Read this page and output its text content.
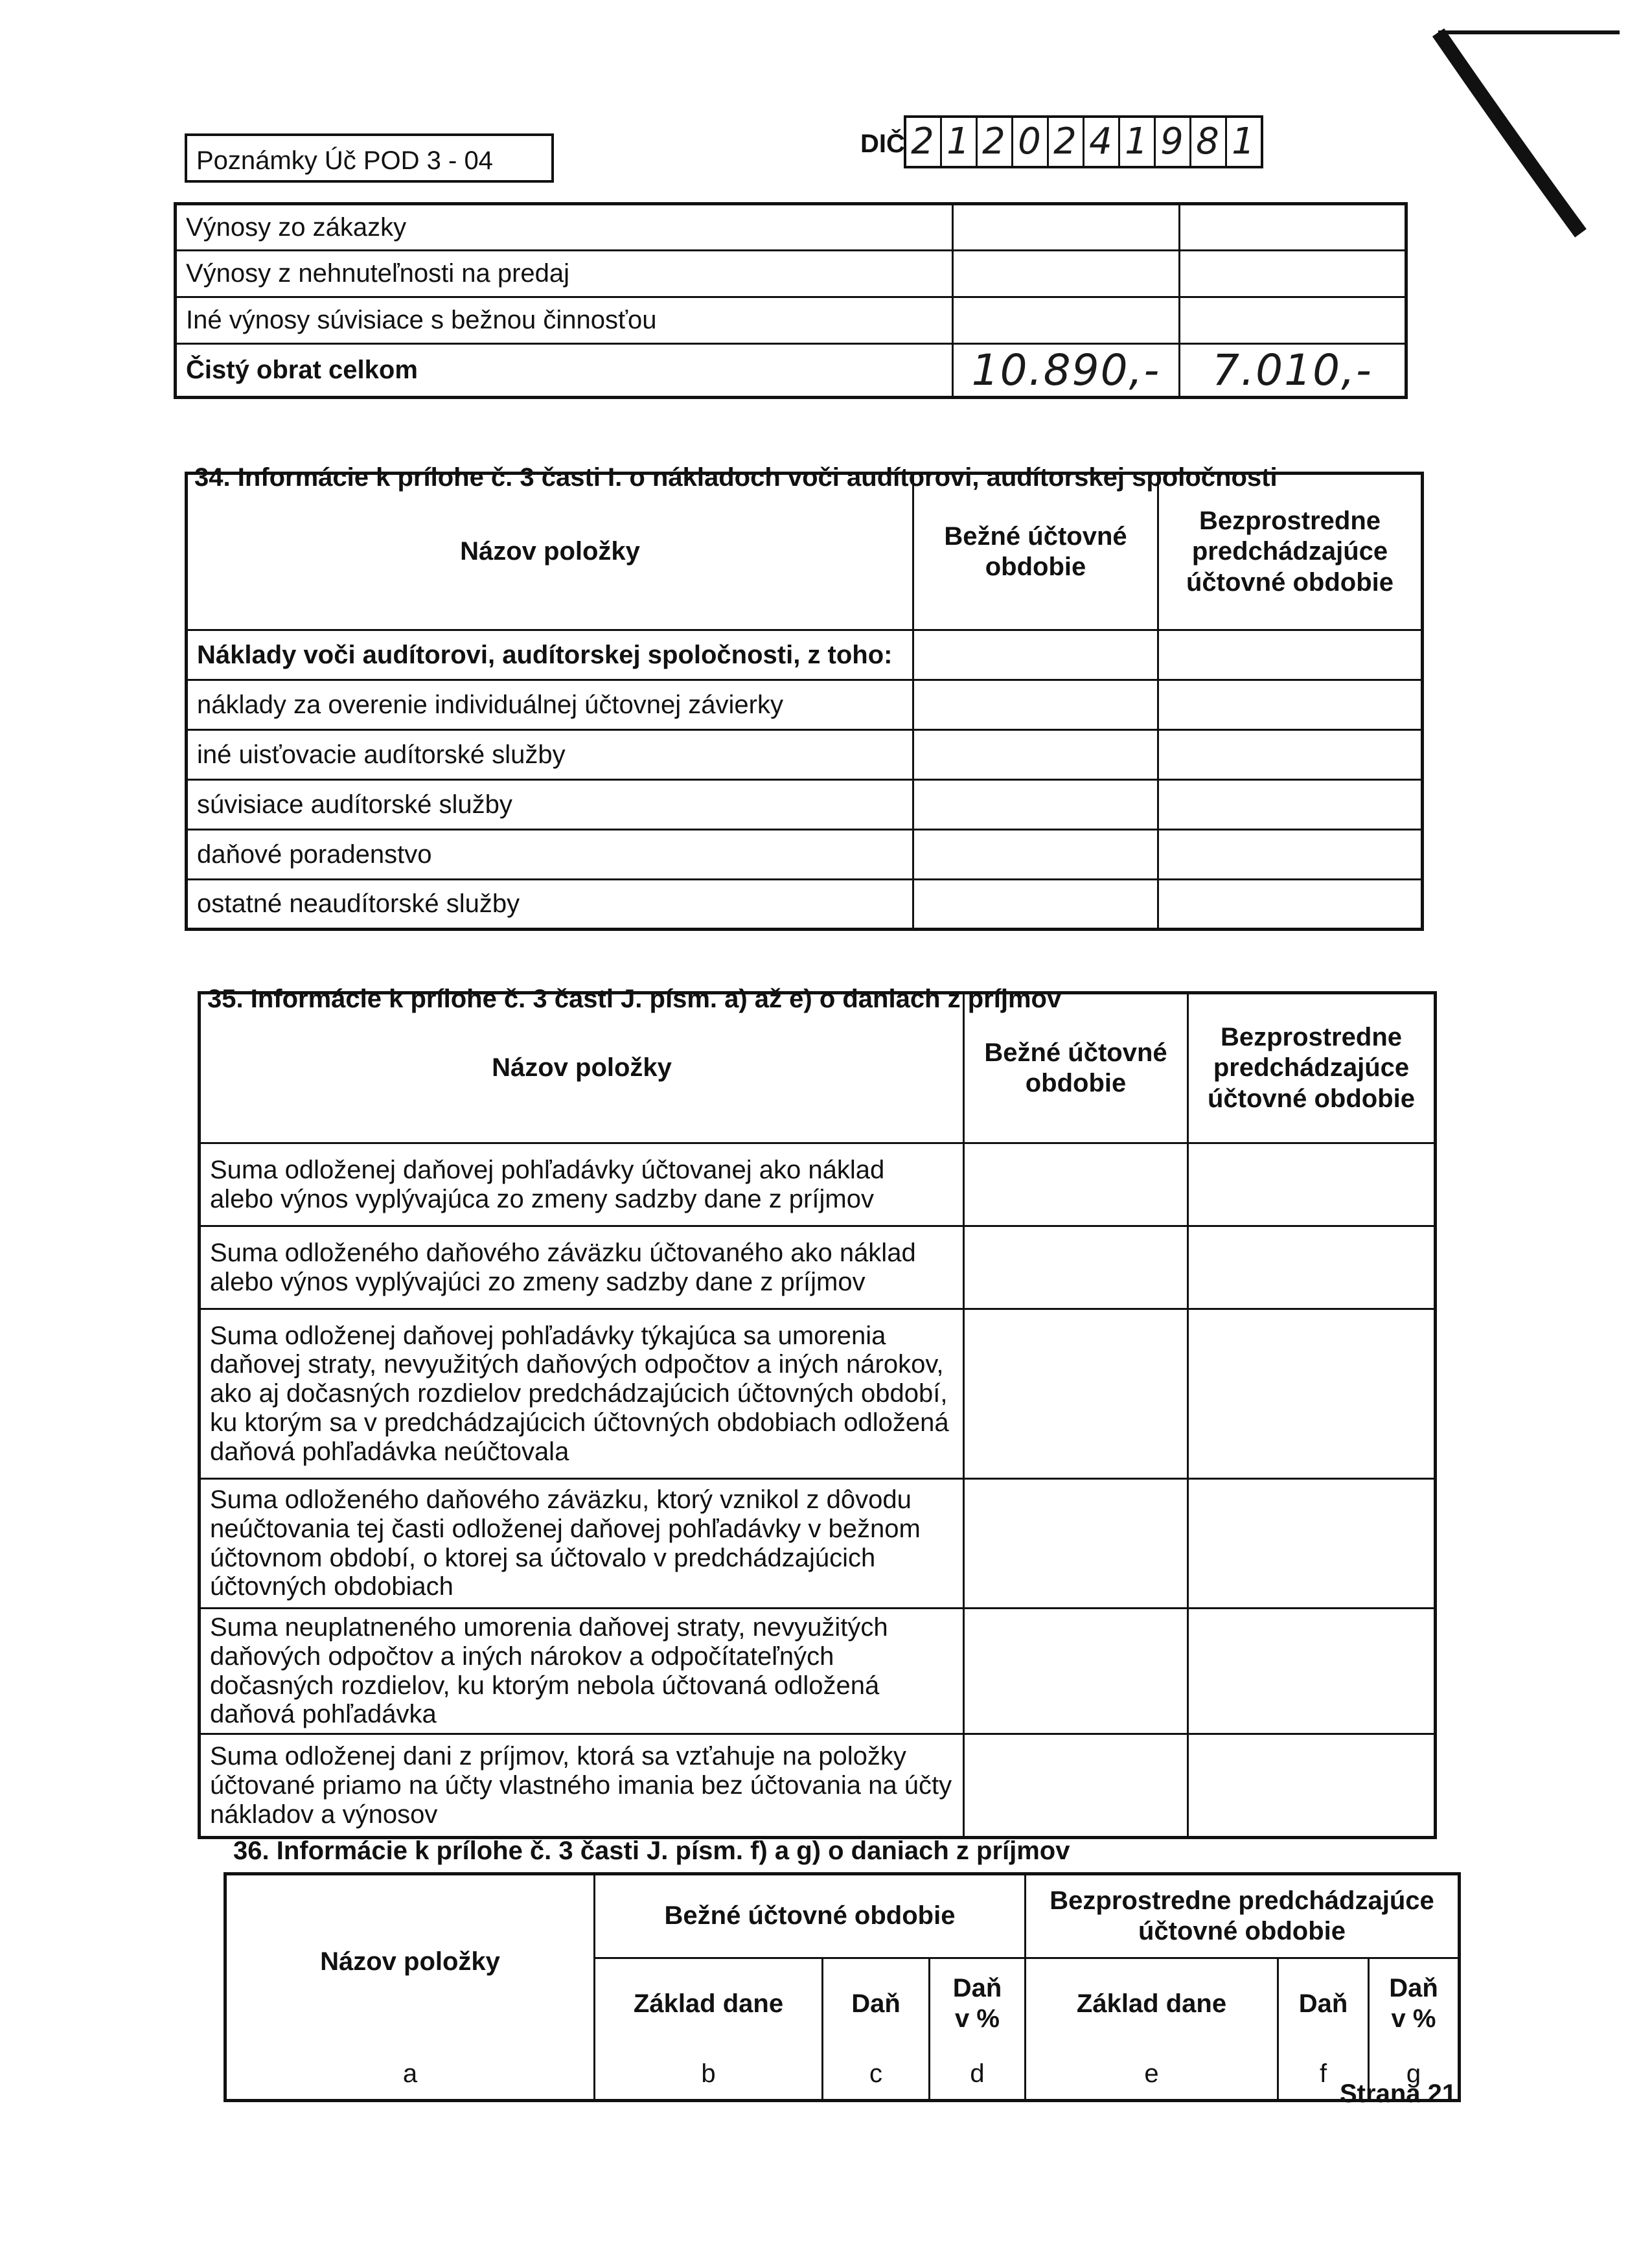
Poznámky Úč POD 3 - 04
DIČ 2 1 2 0 2 4 1 9 8 1
Výnosy zo zákazky		
Výnosy z nehnuteľnosti na predaj		
Iné výnosy súvisiace s bežnou činnosťou		
Čistý obrat celkom	10.890,-	7.010,-
34. Informácie k prílohe č. 3 časti I. o nákladoch voči audítorovi, audítorskej spoločnosti
Názov položky	Bežné účtovné obdobie	Bezprostredne predchádzajúce účtovné obdobie
Náklady voči audítorovi, audítorskej spoločnosti, z toho:		
náklady za overenie individuálnej účtovnej závierky		
iné uisťovacie audítorské služby		
súvisiace audítorské služby		
daňové poradenstvo		
ostatné neaudítorské služby		
35. Informácie k prílohe č. 3 časti J. písm. a) až e) o daniach z príjmov
Názov položky	Bežné účtovné obdobie	Bezprostredne predchádzajúce účtovné obdobie
Suma odloženej daňovej pohľadávky účtovanej ako náklad alebo výnos vyplývajúca zo zmeny sadzby dane z príjmov		
Suma odloženého daňového záväzku účtovaného ako náklad alebo výnos vyplývajúci zo zmeny sadzby dane z príjmov		
Suma odloženej daňovej pohľadávky týkajúca sa umorenia daňovej straty, nevyužitých daňových odpočtov a iných nárokov, ako aj dočasných rozdielov predchádzajúcich účtovných období, ku ktorým sa v predchádzajúcich účtovných obdobiach odložená daňová pohľadávka neúčtovala		
Suma odloženého daňového záväzku, ktorý vznikol z dôvodu neúčtovania tej časti odloženej daňovej pohľadávky v bežnom účtovnom období, o ktorej sa účtovalo v predchádzajúcich účtovných obdobiach		
Suma neuplatneného umorenia daňovej straty, nevyužitých daňových odpočtov a iných nárokov a odpočítateľných dočasných rozdielov, ku ktorým nebola účtovaná odložená daňová pohľadávka		
Suma odloženej dani z príjmov, ktorá sa vzťahuje na položky účtované priamo na účty vlastného imania bez účtovania na účty nákladov a výnosov		
36. Informácie k prílohe č. 3 časti J. písm. f) a g) o daniach z príjmov
Názov položky	Bežné účtovné obdobie			Bezprostredne predchádzajúce účtovné obdobie		
	Základ dane	Daň	Daň v %	Základ dane	Daň	Daň v %
a	b	c	d	e	f	g
Strana 21
